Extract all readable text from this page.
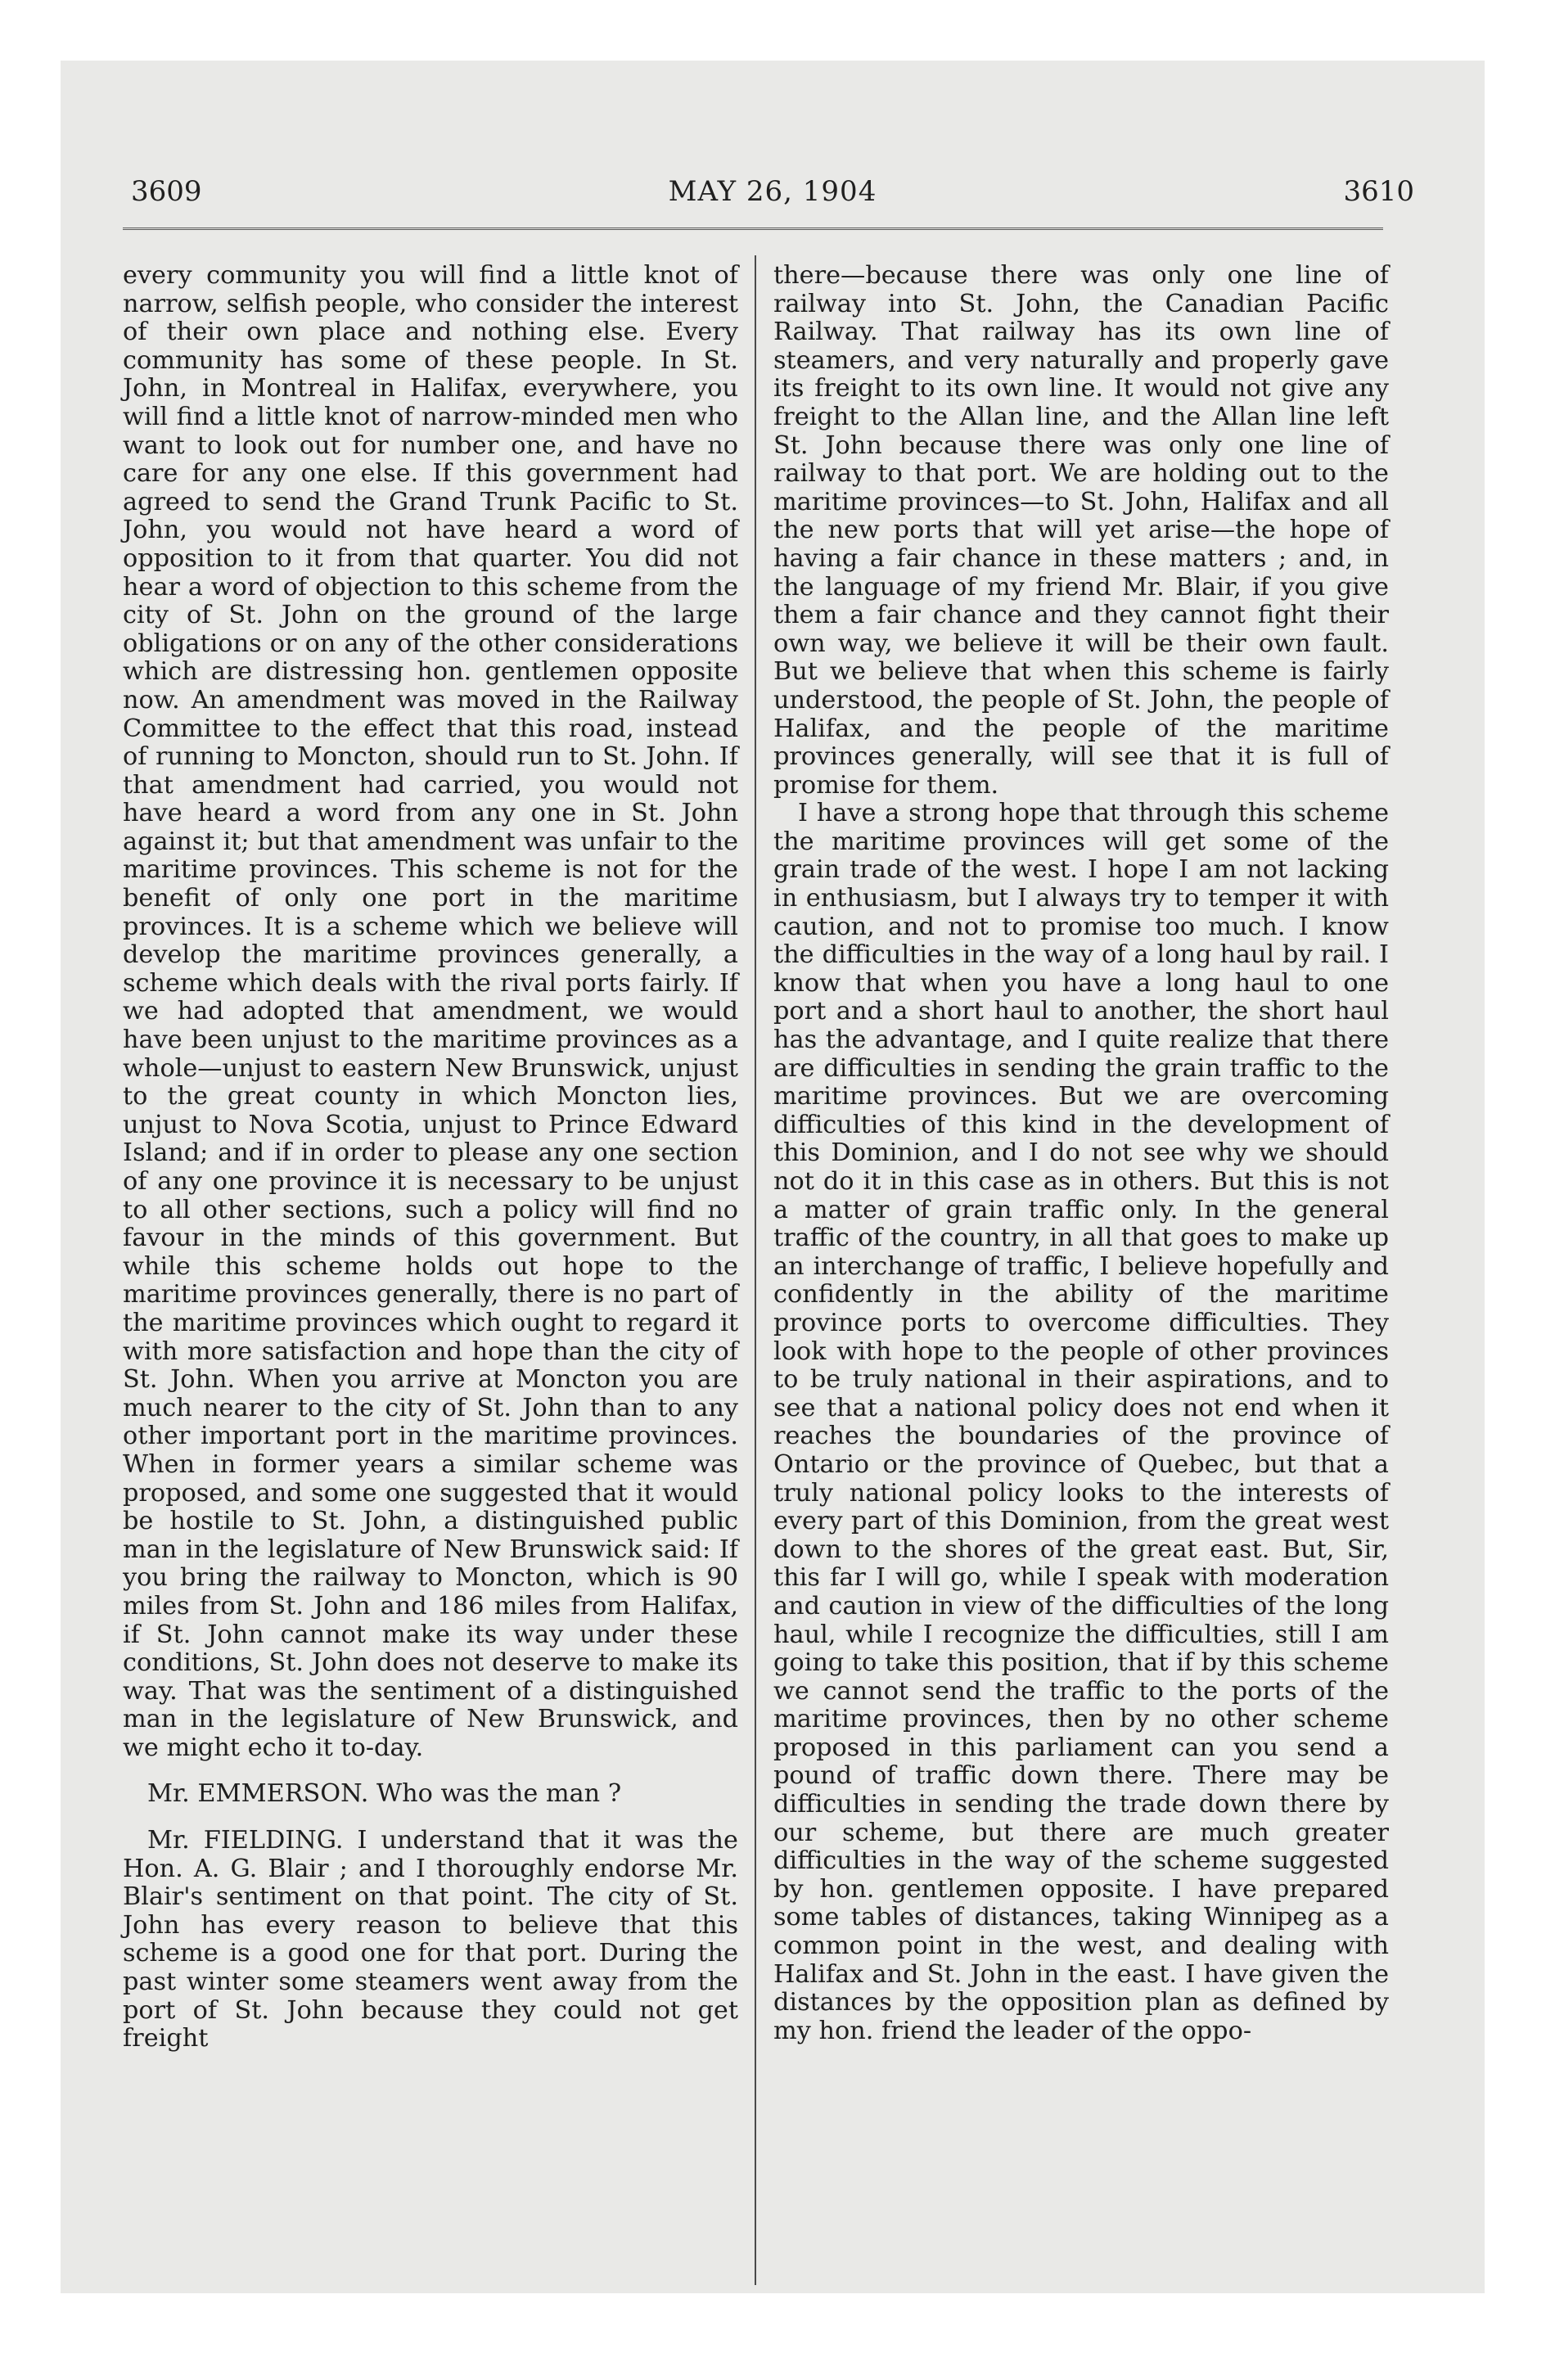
3609	MAY 26, 1904	3610

every community you will find a little knot of narrow, selfish people, who consider the interest of their own place and nothing else. Every community has some of these people. In St. John, in Montreal in Halifax, everywhere, you will find a little knot of narrow-minded men who want to look out for number one, and have no care for any one else. If this government had agreed to send the Grand Trunk Pacific to St. John, you would not have heard a word of opposition to it from that quarter. You did not hear a word of objection to this scheme from the city of St. John on the ground of the large obligations or on any of the other considerations which are distressing hon. gentlemen opposite now. An amendment was moved in the Railway Committee to the effect that this road, instead of running to Moncton, should run to St. John. If that amendment had carried, you would not have heard a word from any one in St. John against it; but that amendment was unfair to the maritime provinces. This scheme is not for the benefit of only one port in the maritime provinces. It is a scheme which we believe will develop the maritime provinces generally, a scheme which deals with the rival ports fairly. If we had adopted that amendment, we would have been unjust to the maritime provinces as a whole—unjust to eastern New Brunswick, unjust to the great county in which Moncton lies, unjust to Nova Scotia, unjust to Prince Edward Island; and if in order to please any one section of any one province it is necessary to be unjust to all other sections, such a policy will find no favour in the minds of this government. But while this scheme holds out hope to the maritime provinces generally, there is no part of the maritime provinces which ought to regard it with more satisfaction and hope than the city of St. John. When you arrive at Moncton you are much nearer to the city of St. John than to any other important port in the maritime provinces. When in former years a similar scheme was proposed, and some one suggested that it would be hostile to St. John, a distinguished public man in the legislature of New Brunswick said: If you bring the railway to Moncton, which is 90 miles from St. John and 186 miles from Halifax, if St. John cannot make its way under these conditions, St. John does not deserve to make its way. That was the sentiment of a distinguished man in the legislature of New Brunswick, and we might echo it to-day.

Mr. EMMERSON. Who was the man ?

Mr. FIELDING. I understand that it was the Hon. A. G. Blair ; and I thoroughly endorse Mr. Blair's sentiment on that point. The city of St. John has every reason to believe that this scheme is a good one for that port. During the past winter some steamers went away from the port of St. John because they could not get freight

there—because there was only one line of railway into St. John, the Canadian Pacific Railway. That railway has its own line of steamers, and very naturally and properly gave its freight to its own line. It would not give any freight to the Allan line, and the Allan line left St. John because there was only one line of railway to that port. We are holding out to the maritime provinces—to St. John, Halifax and all the new ports that will yet arise—the hope of having a fair chance in these matters ; and, in the language of my friend Mr. Blair, if you give them a fair chance and they cannot fight their own way, we believe it will be their own fault. But we believe that when this scheme is fairly understood, the people of St. John, the people of Halifax, and the people of the maritime provinces generally, will see that it is full of promise for them.

I have a strong hope that through this scheme the maritime provinces will get some of the grain trade of the west. I hope I am not lacking in enthusiasm, but I always try to temper it with caution, and not to promise too much. I know the difficulties in the way of a long haul by rail. I know that when you have a long haul to one port and a short haul to another, the short haul has the advantage, and I quite realize that there are difficulties in sending the grain traffic to the maritime provinces. But we are overcoming difficulties of this kind in the development of this Dominion, and I do not see why we should not do it in this case as in others. But this is not a matter of grain traffic only. In the general traffic of the country, in all that goes to make up an interchange of traffic, I believe hopefully and confidently in the ability of the maritime province ports to overcome difficulties. They look with hope to the people of other provinces to be truly national in their aspirations, and to see that a national policy does not end when it reaches the boundaries of the province of Ontario or the province of Quebec, but that a truly national policy looks to the interests of every part of this Dominion, from the great west down to the shores of the great east. But, Sir, this far I will go, while I speak with moderation and caution in view of the difficulties of the long haul, while I recognize the difficulties, still I am going to take this position, that if by this scheme we cannot send the traffic to the ports of the maritime provinces, then by no other scheme proposed in this parliament can you send a pound of traffic down there. There may be difficulties in sending the trade down there by our scheme, but there are much greater difficulties in the way of the scheme suggested by hon. gentlemen opposite. I have prepared some tables of distances, taking Winnipeg as a common point in the west, and dealing with Halifax and St. John in the east. I have given the distances by the opposition plan as defined by my hon. friend the leader of the oppo-
